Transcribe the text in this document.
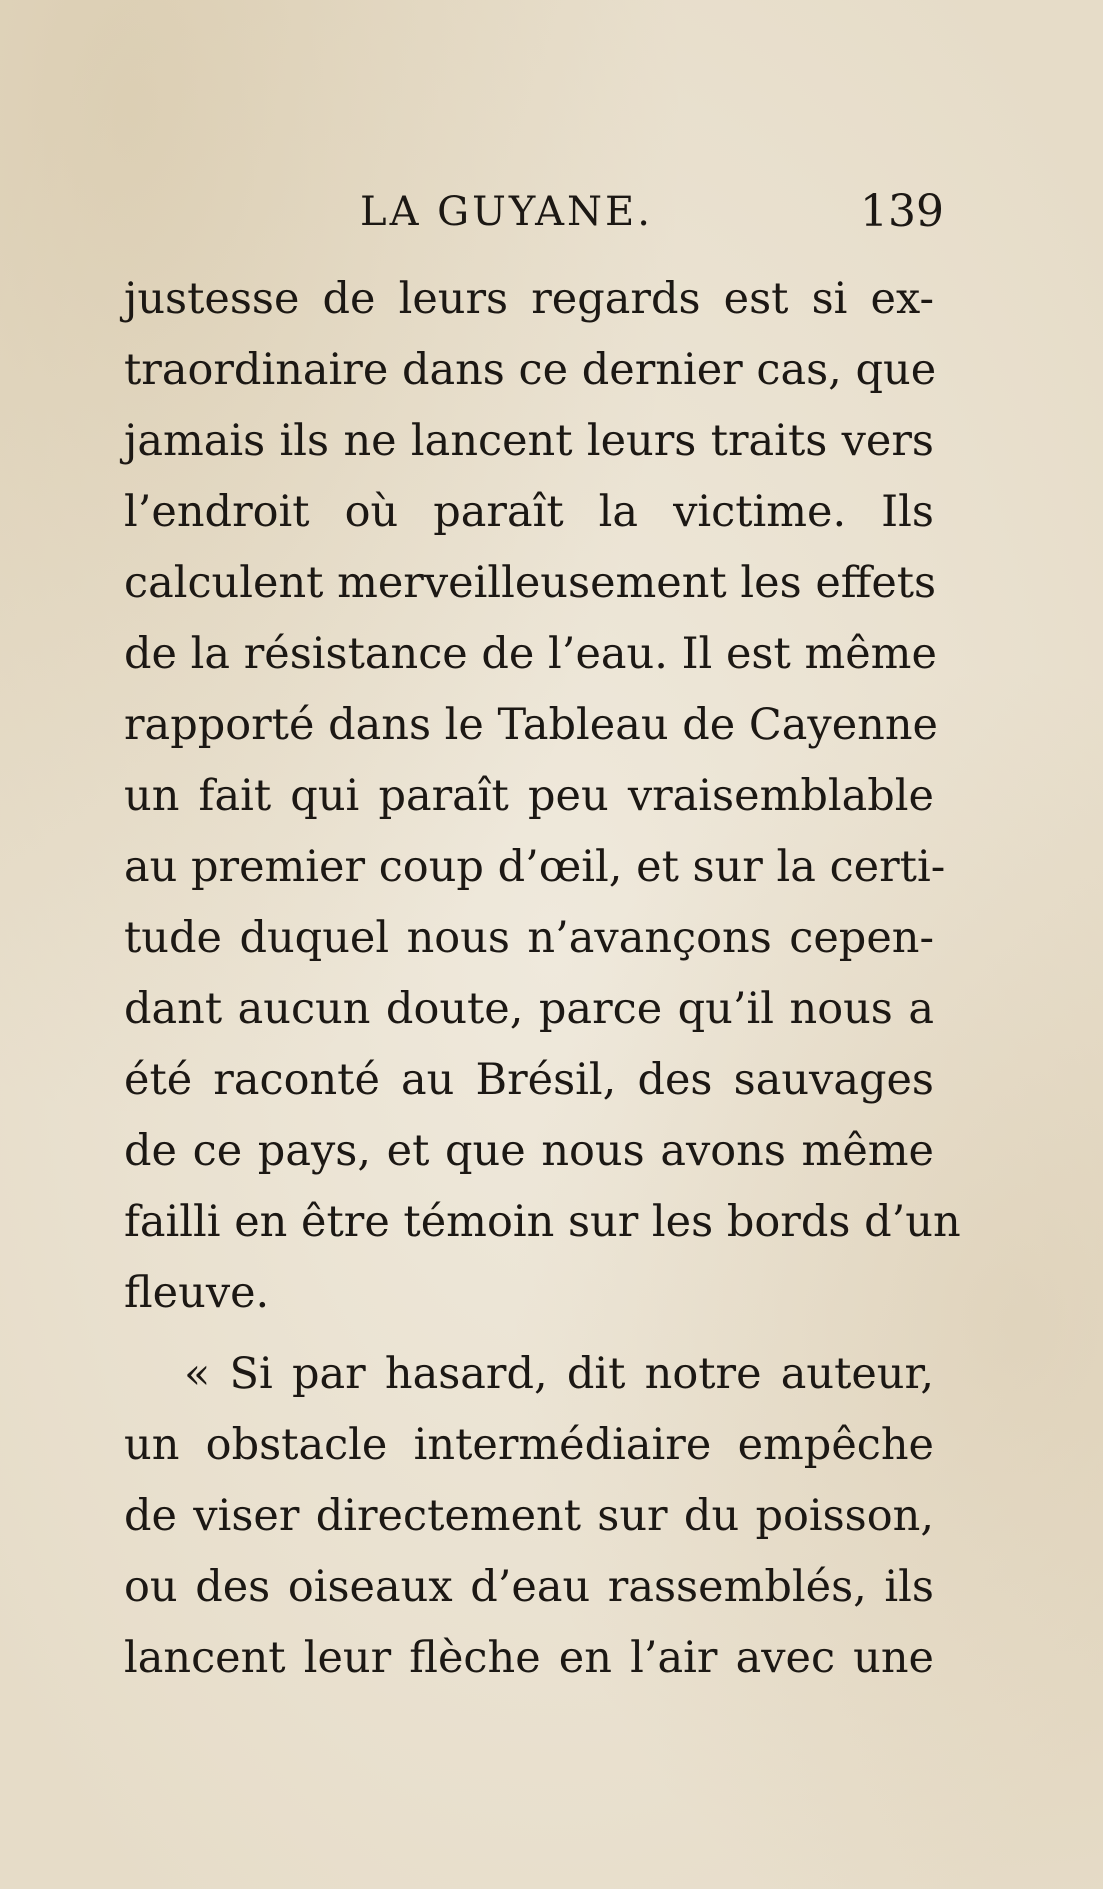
LA GUYANE.	139
justesse de leurs regards est si ex-
traordinaire dans ce dernier cas, que
jamais ils ne lancent leurs traits vers
l’endroit où paraît la victime. Ils
calculent merveilleusement les effets
de la résistance de l’eau. Il est même
rapporté dans le Tableau de Cayenne
un fait qui paraît peu vraisemblable
au premier coup d’œil, et sur la certi-
tude duquel nous n’avançons cepen-
dant aucun doute, parce qu’il nous a
été raconté au Brésil, des sauvages
de ce pays, et que nous avons même
failli en être témoin sur les bords d’un
fleuve.
« Si par hasard, dit notre auteur,
un obstacle intermédiaire empêche
de viser directement sur du poisson,
ou des oiseaux d’eau rassemblés, ils
lancent leur flèche en l’air avec une
